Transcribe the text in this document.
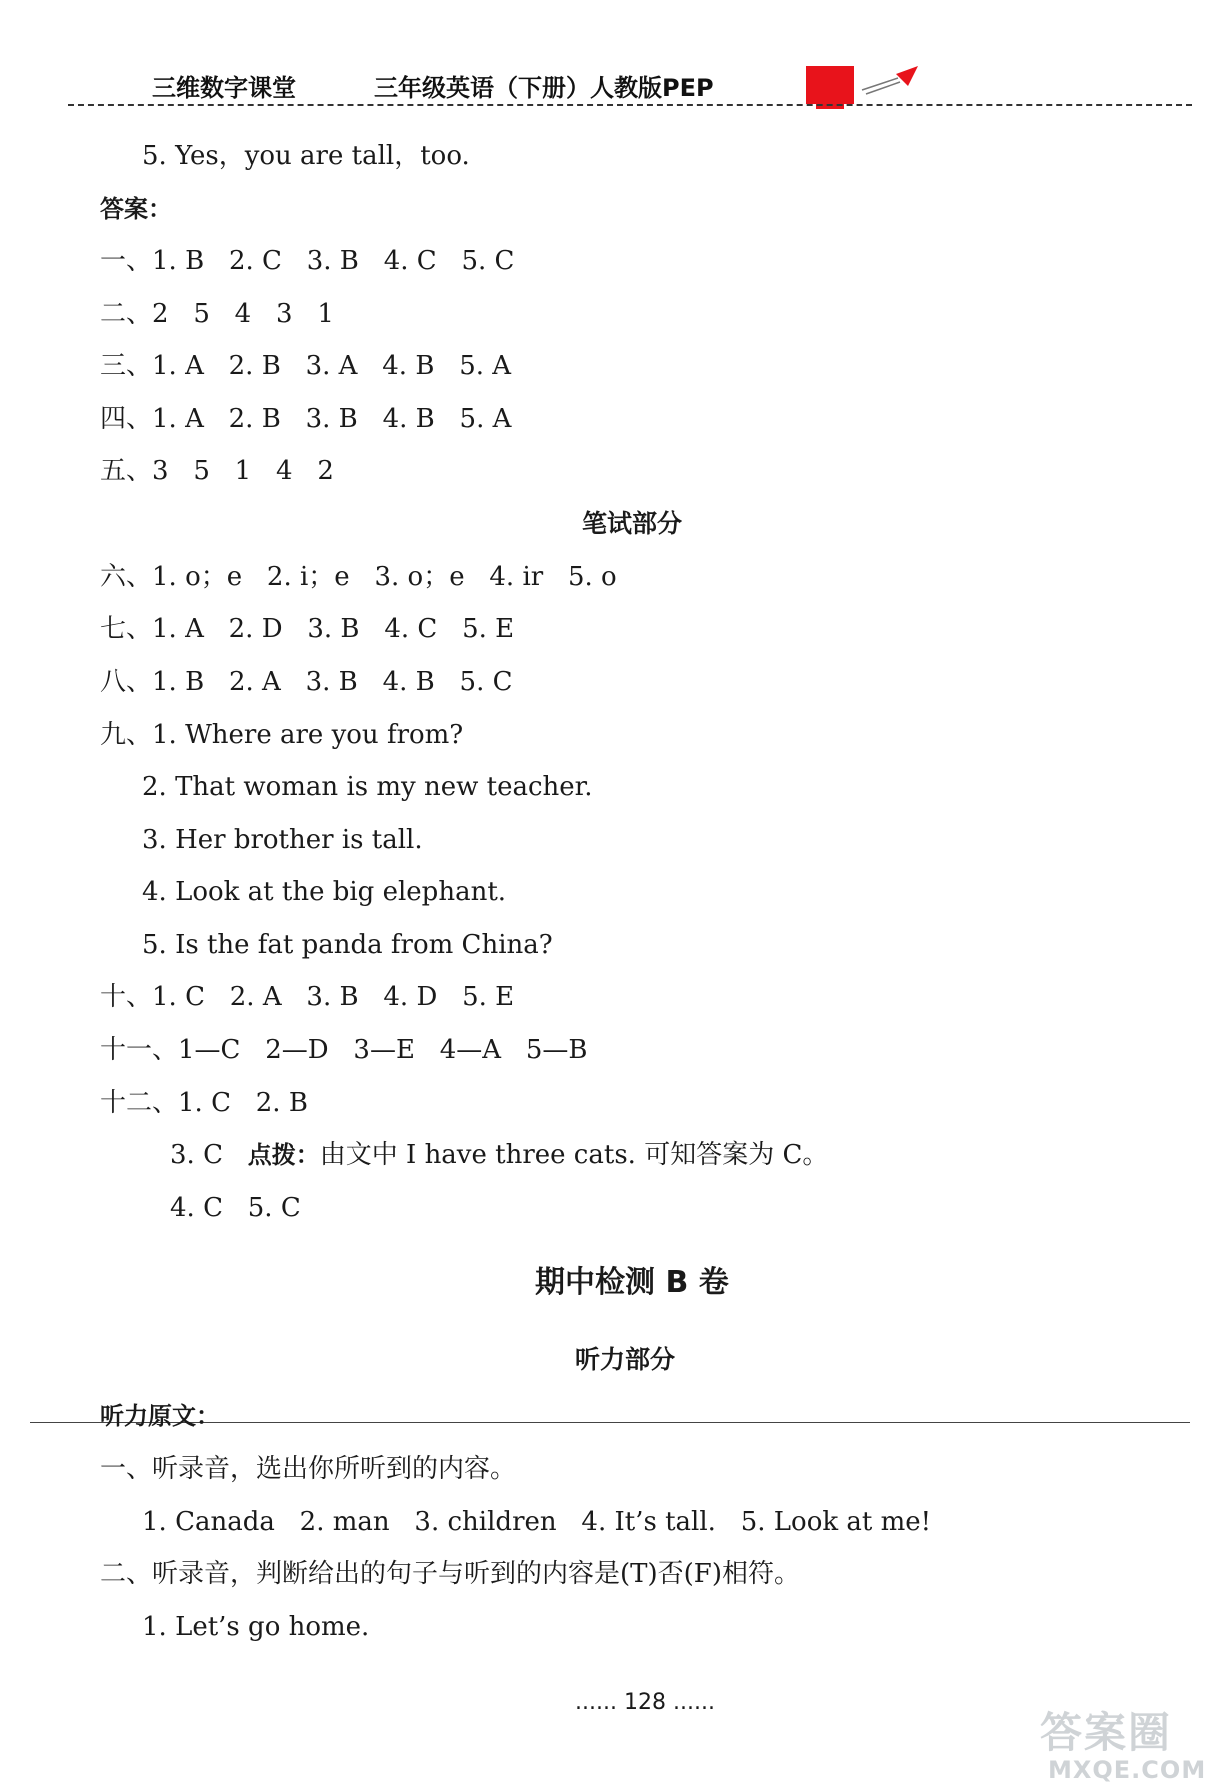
三维数字课堂	三年级英语（下册）人教版PEP
5. Yes，you are tall，too.
答案：
一、1. B   2. C   3. B   4. C   5. C
二、2   5   4   3   1
三、1. A   2. B   3. A   4. B   5. A
四、1. A   2. B   3. B   4. B   5. A
五、3   5   1   4   2
笔试部分
六、1. o；e   2. i；e   3. o；e   4. ir   5. o
七、1. A   2. D   3. B   4. C   5. E
八、1. B   2. A   3. B   4. B   5. C
九、1. Where are you from?
2. That woman is my new teacher.
3. Her brother is tall.
4. Look at the big elephant.
5. Is the fat panda from China?
十、1. C   2. A   3. B   4. D   5. E
十一、1—C   2—D   3—E   4—A   5—B
十二、1. C   2. B
3. C 点拨：由文中 I have three cats. 可知答案为 C。
4. C   5. C
期中检测 B 卷
听力部分
听力原文：
一、听录音，选出你所听到的内容。
1. Canada   2. man   3. children   4. It’s tall.   5. Look at me!
二、听录音，判断给出的句子与听到的内容是(T)否(F)相符。
1. Let’s go home.
...... 128 ......
答案圈
MXQE.COM
